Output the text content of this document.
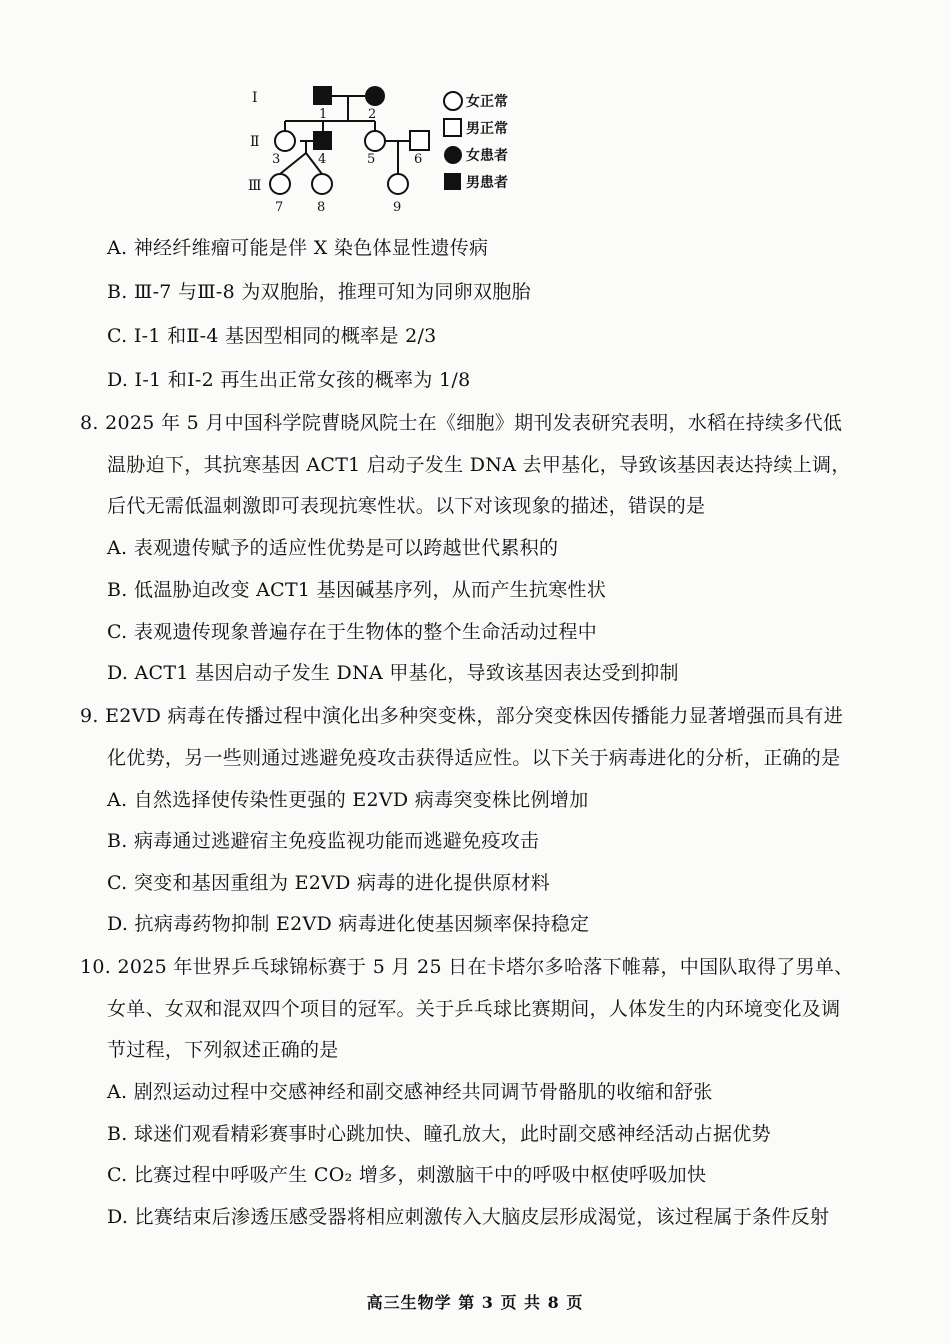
I
Ⅱ
Ⅲ
1	2
3	4	5	6
7	8	9
女正常
男正常
女患者
男患者
A. 神经纤维瘤可能是伴 X 染色体显性遗传病
B. Ⅲ-7 与Ⅲ-8 为双胞胎，推理可知为同卵双胞胎
C. I-1 和Ⅱ-4 基因型相同的概率是 2/3
D. I-1 和I-2 再生出正常女孩的概率为 1/8
8. 2025 年 5 月中国科学院曹晓风院士在《细胞》期刊发表研究表明，水稻在持续多代低
温胁迫下，其抗寒基因 ACT1 启动子发生 DNA 去甲基化，导致该基因表达持续上调，
后代无需低温刺激即可表现抗寒性状。以下对该现象的描述，错误的是
A. 表观遗传赋予的适应性优势是可以跨越世代累积的
B. 低温胁迫改变 ACT1 基因碱基序列，从而产生抗寒性状
C. 表观遗传现象普遍存在于生物体的整个生命活动过程中
D. ACT1 基因启动子发生 DNA 甲基化，导致该基因表达受到抑制
9. E2VD 病毒在传播过程中演化出多种突变株，部分突变株因传播能力显著增强而具有进
化优势，另一些则通过逃避免疫攻击获得适应性。以下关于病毒进化的分析，正确的是
A. 自然选择使传染性更强的 E2VD 病毒突变株比例增加
B. 病毒通过逃避宿主免疫监视功能而逃避免疫攻击
C. 突变和基因重组为 E2VD 病毒的进化提供原材料
D. 抗病毒药物抑制 E2VD 病毒进化使基因频率保持稳定
10. 2025 年世界乒乓球锦标赛于 5 月 25 日在卡塔尔多哈落下帷幕，中国队取得了男单、
女单、女双和混双四个项目的冠军。关于乒乓球比赛期间，人体发生的内环境变化及调
节过程，下列叙述正确的是
A. 剧烈运动过程中交感神经和副交感神经共同调节骨骼肌的收缩和舒张
B. 球迷们观看精彩赛事时心跳加快、瞳孔放大，此时副交感神经活动占据优势
C. 比赛过程中呼吸产生 CO₂ 增多，刺激脑干中的呼吸中枢使呼吸加快
D. 比赛结束后渗透压感受器将相应刺激传入大脑皮层形成渴觉，该过程属于条件反射
高三生物学 第 3 页 共 8 页
